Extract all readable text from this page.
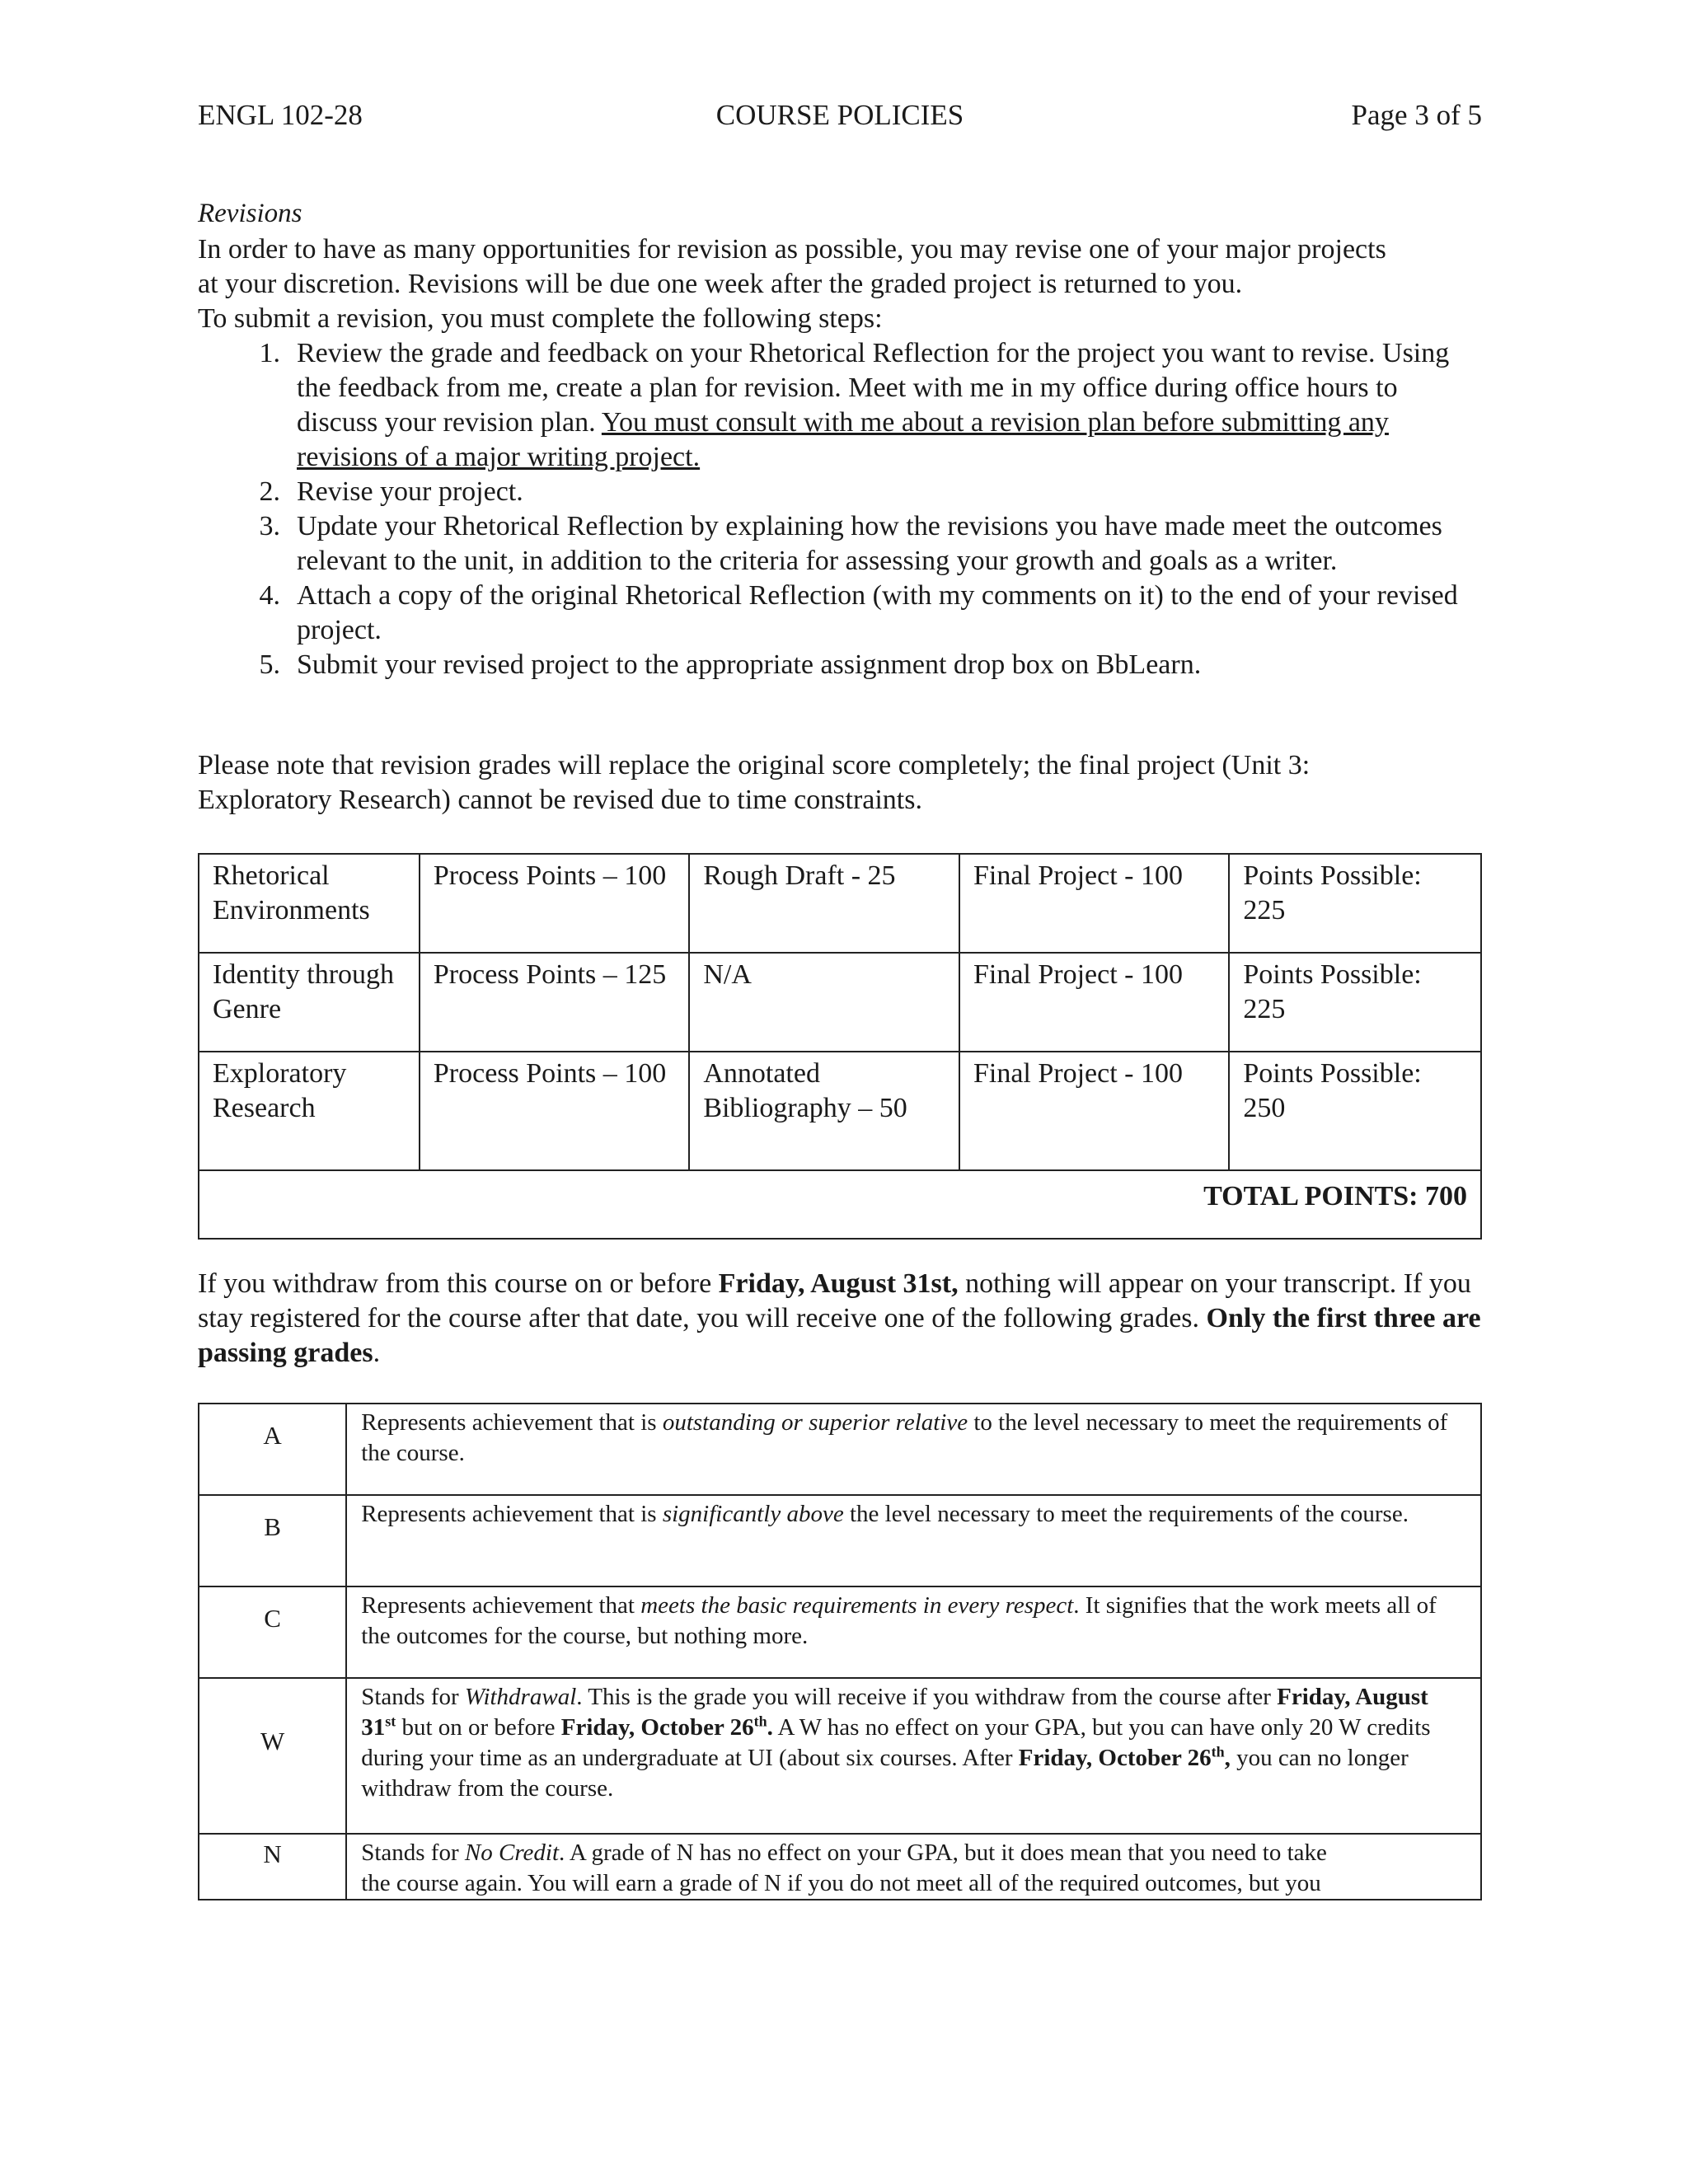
ENGL 102-28	COURSE POLICIES	Page 3 of 5
Revisions

In order to have as many opportunities for revision as possible, you may revise one of your major projects

at your discretion. Revisions will be due one week after the graded project is returned to you.

To submit a revision, you must complete the following steps:

1. Review the grade and feedback on your Rhetorical Reflection for the project you want to revise. Using the feedback from me, create a plan for revision. Meet with me in my office during office hours to discuss your revision plan. You must consult with me about a revision plan before submitting any revisions of a major writing project.
2. Revise your project.
3. Update your Rhetorical Reflection by explaining how the revisions you have made meet the outcomes relevant to the unit, in addition to the criteria for assessing your growth and goals as a writer.
4. Attach a copy of the original Rhetorical Reflection (with my comments on it) to the end of your revised project.
5. Submit your revised project to the appropriate assignment drop box on BbLearn.

Please note that revision grades will replace the original score completely; the final project (Unit 3:

Exploratory Research) cannot be revised due to time constraints.

Rhetorical Environments	Process Points – 100	Rough Draft - 25	Final Project - 100	Points Possible: 225
Identity through Genre	Process Points – 125	N/A	Final Project - 100	Points Possible: 225
Exploratory Research	Process Points – 100	Annotated Bibliography – 50	Final Project - 100	Points Possible: 250
TOTAL POINTS: 700				

If you withdraw from this course on or before Friday, August 31st, nothing will appear on your transcript. If you stay registered for the course after that date, you will receive one of the following grades. Only the first three are passing grades.

A	Represents achievement that is outstanding or superior relative to the level necessary to meet the requirements of the course.

B	Represents achievement that is significantly above the level necessary to meet the requirements of the course.

C	Represents achievement that meets the basic requirements in every respect. It signifies that the work meets all of the outcomes for the course, but nothing more.

W	Stands for Withdrawal. This is the grade you will receive if you withdraw from the course after Friday, August 31st but on or before Friday, October 26th. A W has no effect on your GPA, but you can have only 20 W credits during your time as an undergraduate at UI (about six courses. After Friday, October 26th, you can no longer withdraw from the course.

N	Stands for No Credit. A grade of N has no effect on your GPA, but it does mean that you need to take
the course again. You will earn a grade of N if you do not meet all of the required outcomes, but you
